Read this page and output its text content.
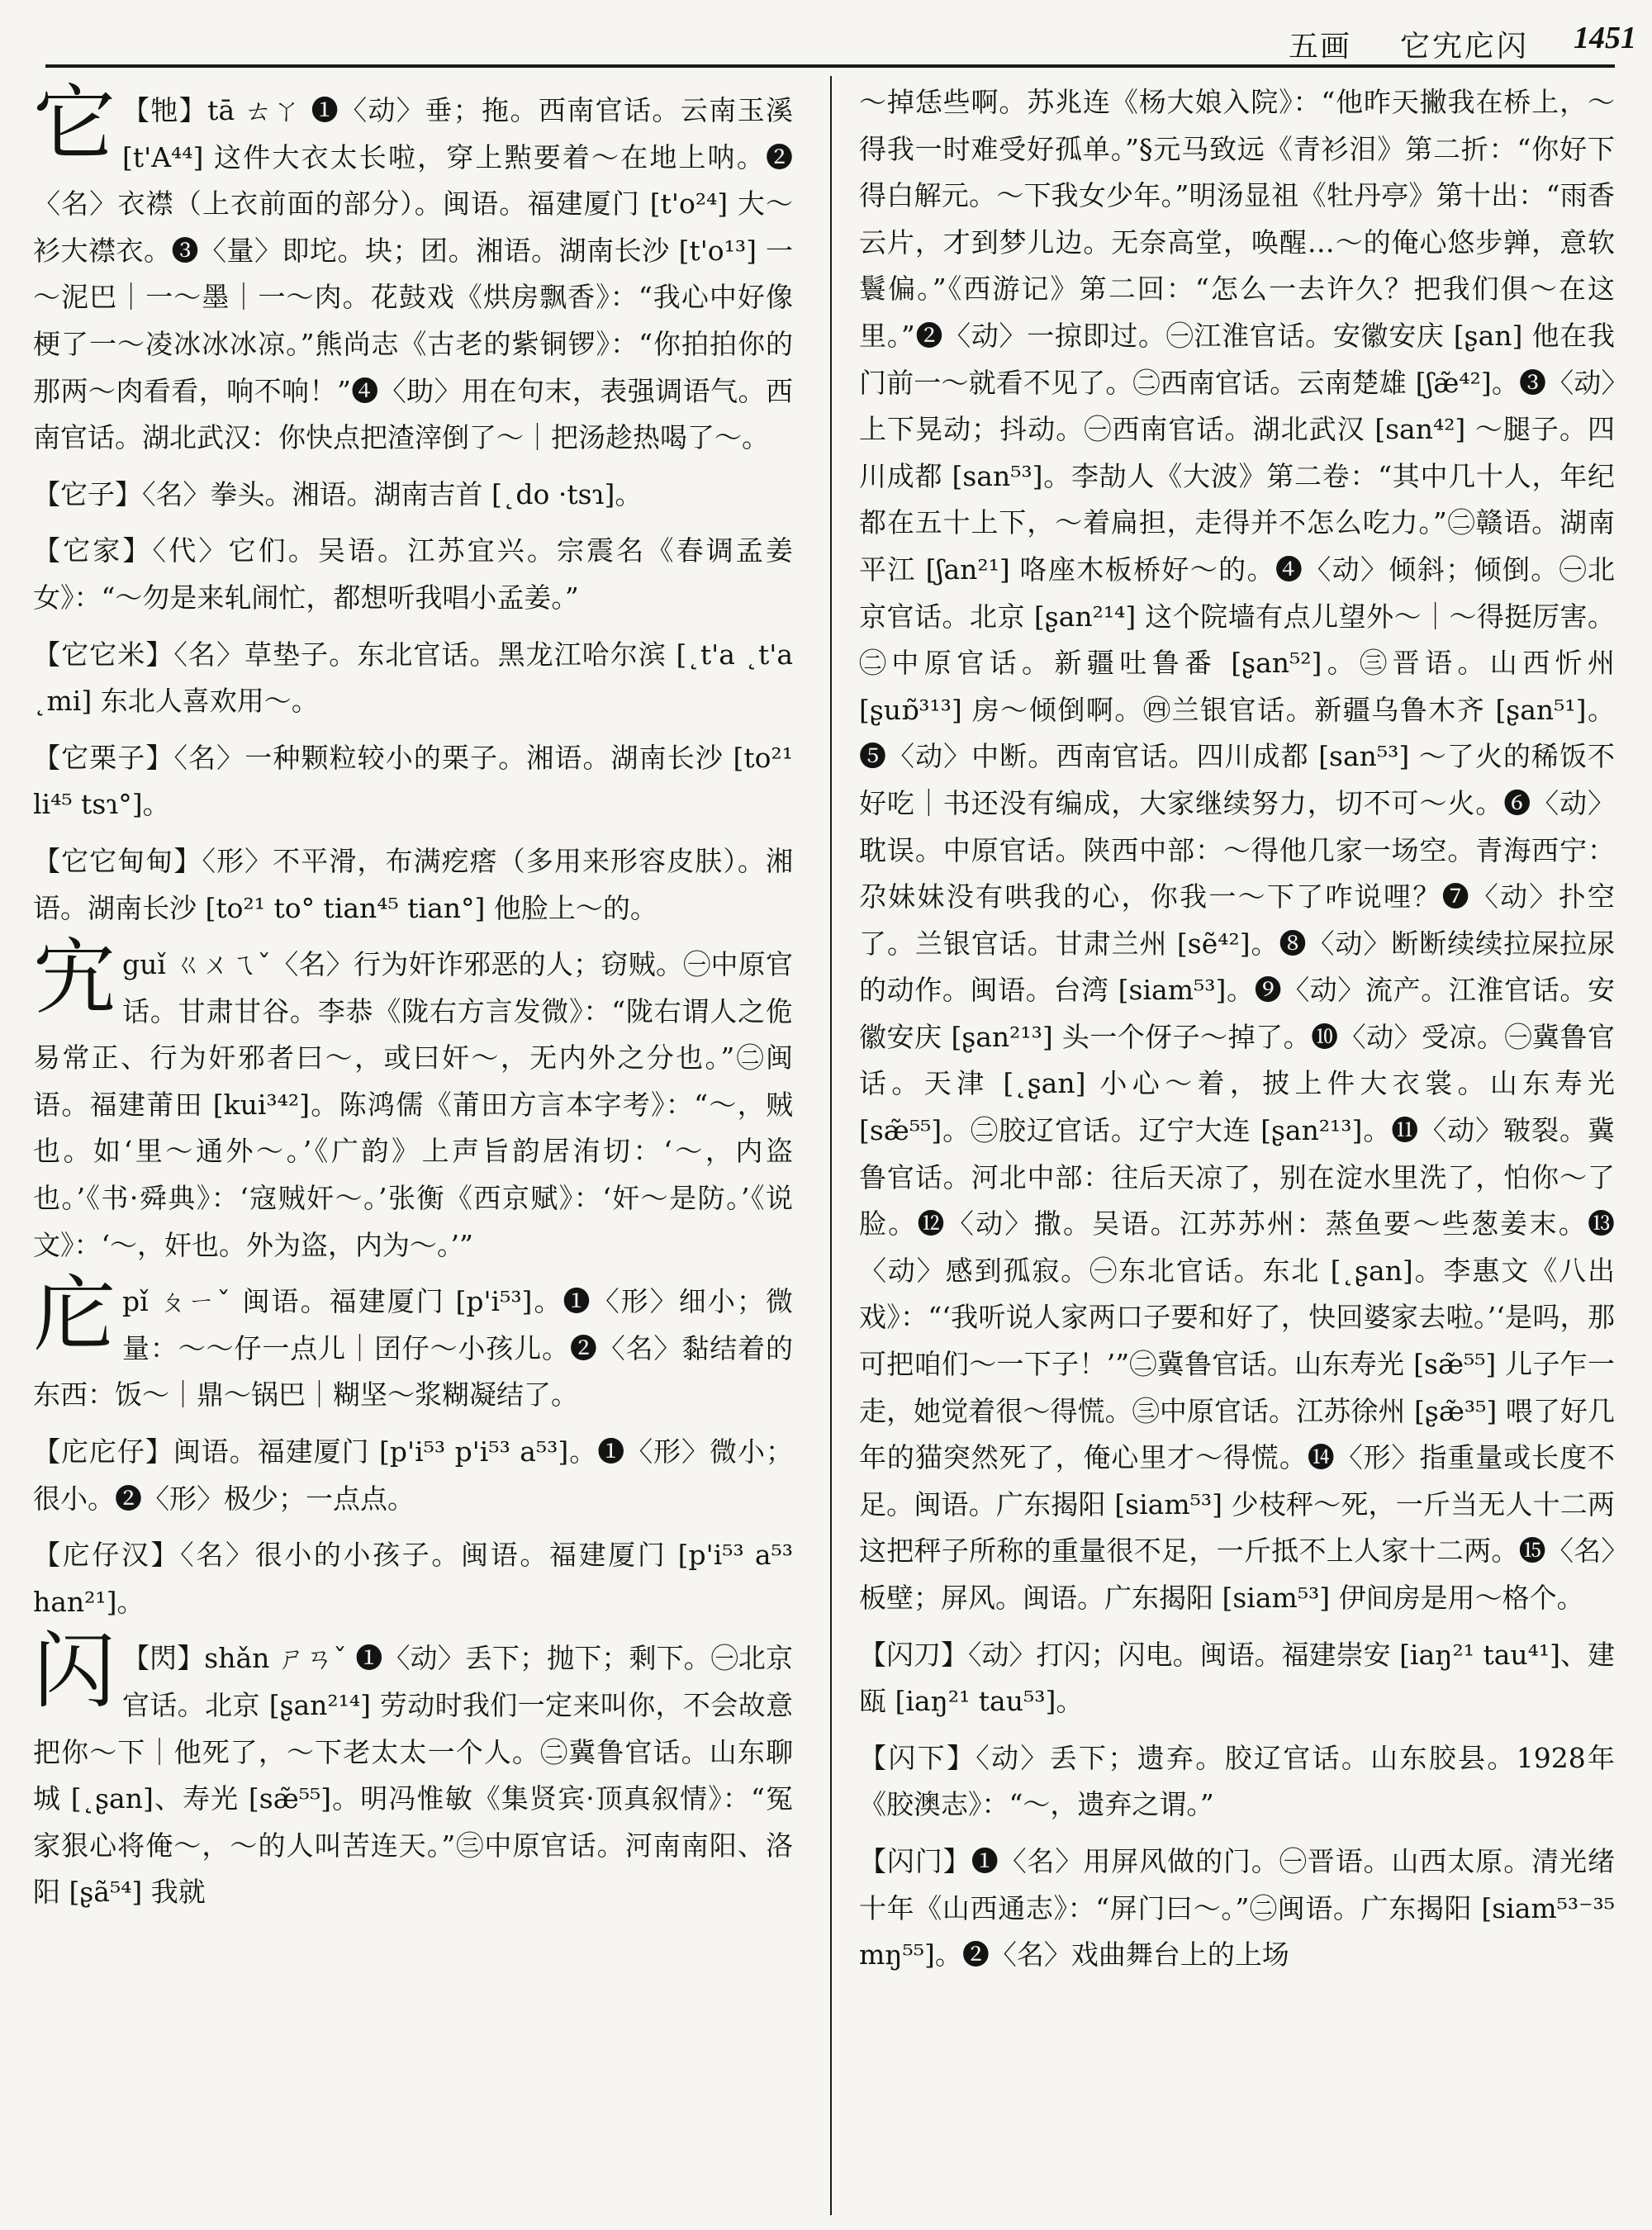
五画 它宄庀闪 1451
它 【牠】tā ㄊㄚ ❶〈动〉垂；拖。西南官话。云南玉溪 [t'A⁴⁴] 这件大衣太长啦，穿上㸃要着～在地上呐。❷〈名〉衣襟（上衣前面的部分）。闽语。福建厦门 [t'o²⁴] 大～衫大襟衣。❸〈量〉即坨。块；团。湘语。湖南长沙 [t'o¹³] 一～泥巴｜一～墨｜一～肉。花鼓戏《烘房飘香》：“我心中好像梗了一～凌冰冰冰凉。”熊尚志《古老的紫铜锣》：“你拍拍你的那两～肉看看，响不响！”❹〈助〉用在句末，表强调语气。西南官话。湖北武汉：你快点把渣滓倒了～｜把汤趁热喝了～。
【它子】〈名〉拳头。湘语。湖南吉首 [˛do ·tsɿ]。
【它家】〈代〉它们。吴语。江苏宜兴。宗震名《春调孟姜女》：“～勿是来轧闹忙，都想听我唱小孟姜。”
【它它米】〈名〉草垫子。东北官话。黑龙江哈尔滨 [˛t'a ˛t'a ˛mi] 东北人喜欢用～。
【它栗子】〈名〉一种颗粒较小的栗子。湘语。湖南长沙 [to²¹ li⁴⁵ tsɿ°]。
【它它甸甸】〈形〉不平滑，布满疙瘩（多用来形容皮肤）。湘语。湖南长沙 [to²¹ to° tian⁴⁵ tian°] 他脸上～的。
宄 guǐ ㄍㄨㄟˇ〈名〉行为奸诈邪恶的人；窃贼。㊀中原官话。甘肃甘谷。李恭《陇右方言发微》：“陇右谓人之佹易常正、行为奸邪者曰～，或曰奸～，无内外之分也。”㊁闽语。福建莆田 [kui³⁴²]。陈鸿儒《莆田方言本字考》：“～，贼也。如‘里～通外～。’《广韵》上声旨韵居洧切：‘～，内盗也。’《书·舜典》：‘寇贼奸～。’张衡《西京赋》：‘奸～是防。’《说文》：‘～，奸也。外为盗，内为～。’”
庀 pǐ ㄆㄧˇ 闽语。福建厦门 [p'i⁵³]。❶〈形〉细小；微量：～～仔一点儿｜囝仔～小孩儿。❷〈名〉黏结着的东西：饭～｜鼎～锅巴｜糊坚～浆糊凝结了。
【庀庀仔】闽语。福建厦门 [p'i⁵³ p'i⁵³ a⁵³]。❶〈形〉微小；很小。❷〈形〉极少；一点点。
【庀仔汉】〈名〉很小的小孩子。闽语。福建厦门 [p'i⁵³ a⁵³ han²¹]。
闪 【閃】shǎn ㄕㄢˇ ❶〈动〉丢下；抛下；剩下。㊀北京官话。北京 [ʂan²¹⁴] 劳动时我们一定来叫你，不会故意把你～下｜他死了，～下老太太一个人。㊁冀鲁官话。山东聊城 [˛ʂan]、寿光 [sæ̃⁵⁵]。明冯惟敏《集贤宾·顶真叙情》：“冤家狠心将俺～，～的人叫苦连天。”㊂中原官话。河南南阳、洛阳 [ʂã⁵⁴] 我就
～掉恁些啊。苏兆连《杨大娘入院》：“他昨天撇我在桥上，～得我一时难受好孤单。”§元马致远《青衫泪》第二折：“你好下得白解元。～下我女少年。”明汤显祖《牡丹亭》第十出：“雨香云片，才到梦儿边。无奈高堂，唤醒…～的俺心悠步亸，意软鬟偏。”《西游记》第二回：“怎么一去许久？把我们俱～在这里。”❷〈动〉一掠即过。㊀江淮官话。安徽安庆 [ʂan] 他在我门前一～就看不见了。㊁西南官话。云南楚雄 [ʃæ̃⁴²]。❸〈动〉上下晃动；抖动。㊀西南官话。湖北武汉 [san⁴²] ～腿子。四川成都 [san⁵³]。李劼人《大波》第二卷：“其中几十人，年纪都在五十上下，～着扁担，走得并不怎么吃力。”㊁赣语。湖南平江 [ʃan²¹] 咯座木板桥好～的。❹〈动〉倾斜；倾倒。㊀北京官话。北京 [ʂan²¹⁴] 这个院墙有点儿望外～｜～得挺厉害。㊁中原官话。新疆吐鲁番 [ʂan⁵²]。㊂晋语。山西忻州 [ʂuɒ̃³¹³] 房～倾倒啊。㊃兰银官话。新疆乌鲁木齐 [ʂan⁵¹]。❺〈动〉中断。西南官话。四川成都 [san⁵³] ～了火的稀饭不好吃｜书还没有编成，大家继续努力，切不可～火。❻〈动〉耽误。中原官话。陕西中部：～得他几家一场空。青海西宁：尕妹妹没有哄我的心，你我一～下了咋说哩？❼〈动〉扑空了。兰银官话。甘肃兰州 [sẽ⁴²]。❽〈动〉断断续续拉屎拉尿的动作。闽语。台湾 [siam⁵³]。❾〈动〉流产。江淮官话。安徽安庆 [ʂan²¹³] 头一个伢子～掉了。❿〈动〉受凉。㊀冀鲁官话。天津 [˛ʂan] 小心～着，披上件大衣裳。山东寿光 [sæ̃⁵⁵]。㊁胶辽官话。辽宁大连 [ʂan²¹³]。⓫〈动〉皲裂。冀鲁官话。河北中部：往后天凉了，别在淀水里洗了，怕你～了脸。⓬〈动〉撒。吴语。江苏苏州：蒸鱼要～些葱姜末。⓭〈动〉感到孤寂。㊀东北官话。东北 [˛ʂan]。李惠文《八出戏》：“‘我听说人家两口子要和好了，快回婆家去啦。’‘是吗，那可把咱们～一下子！’”㊁冀鲁官话。山东寿光 [sæ̃⁵⁵] 儿子乍一走，她觉着很～得慌。㊂中原官话。江苏徐州 [ʂæ̃³⁵] 喂了好几年的猫突然死了，俺心里才～得慌。⓮〈形〉指重量或长度不足。闽语。广东揭阳 [siam⁵³] 少枝秤～死，一斤当无人十二两这把秤子所称的重量很不足，一斤抵不上人家十二两。⓯〈名〉板壁；屏风。闽语。广东揭阳 [siam⁵³] 伊间房是用～格个。
【闪刀】〈动〉打闪；闪电。闽语。福建崇安 [iaŋ²¹ tau⁴¹]、建瓯 [iaŋ²¹ tau⁵³]。
【闪下】〈动〉丢下；遗弃。胶辽官话。山东胶县。1928年《胶澳志》：“～，遗弃之谓。”
【闪门】❶〈名〉用屏风做的门。㊀晋语。山西太原。清光绪十年《山西通志》：“屏门曰～。”㊁闽语。广东揭阳 [siam⁵³⁻³⁵ mŋ⁵⁵]。❷〈名〉戏曲舞台上的上场
